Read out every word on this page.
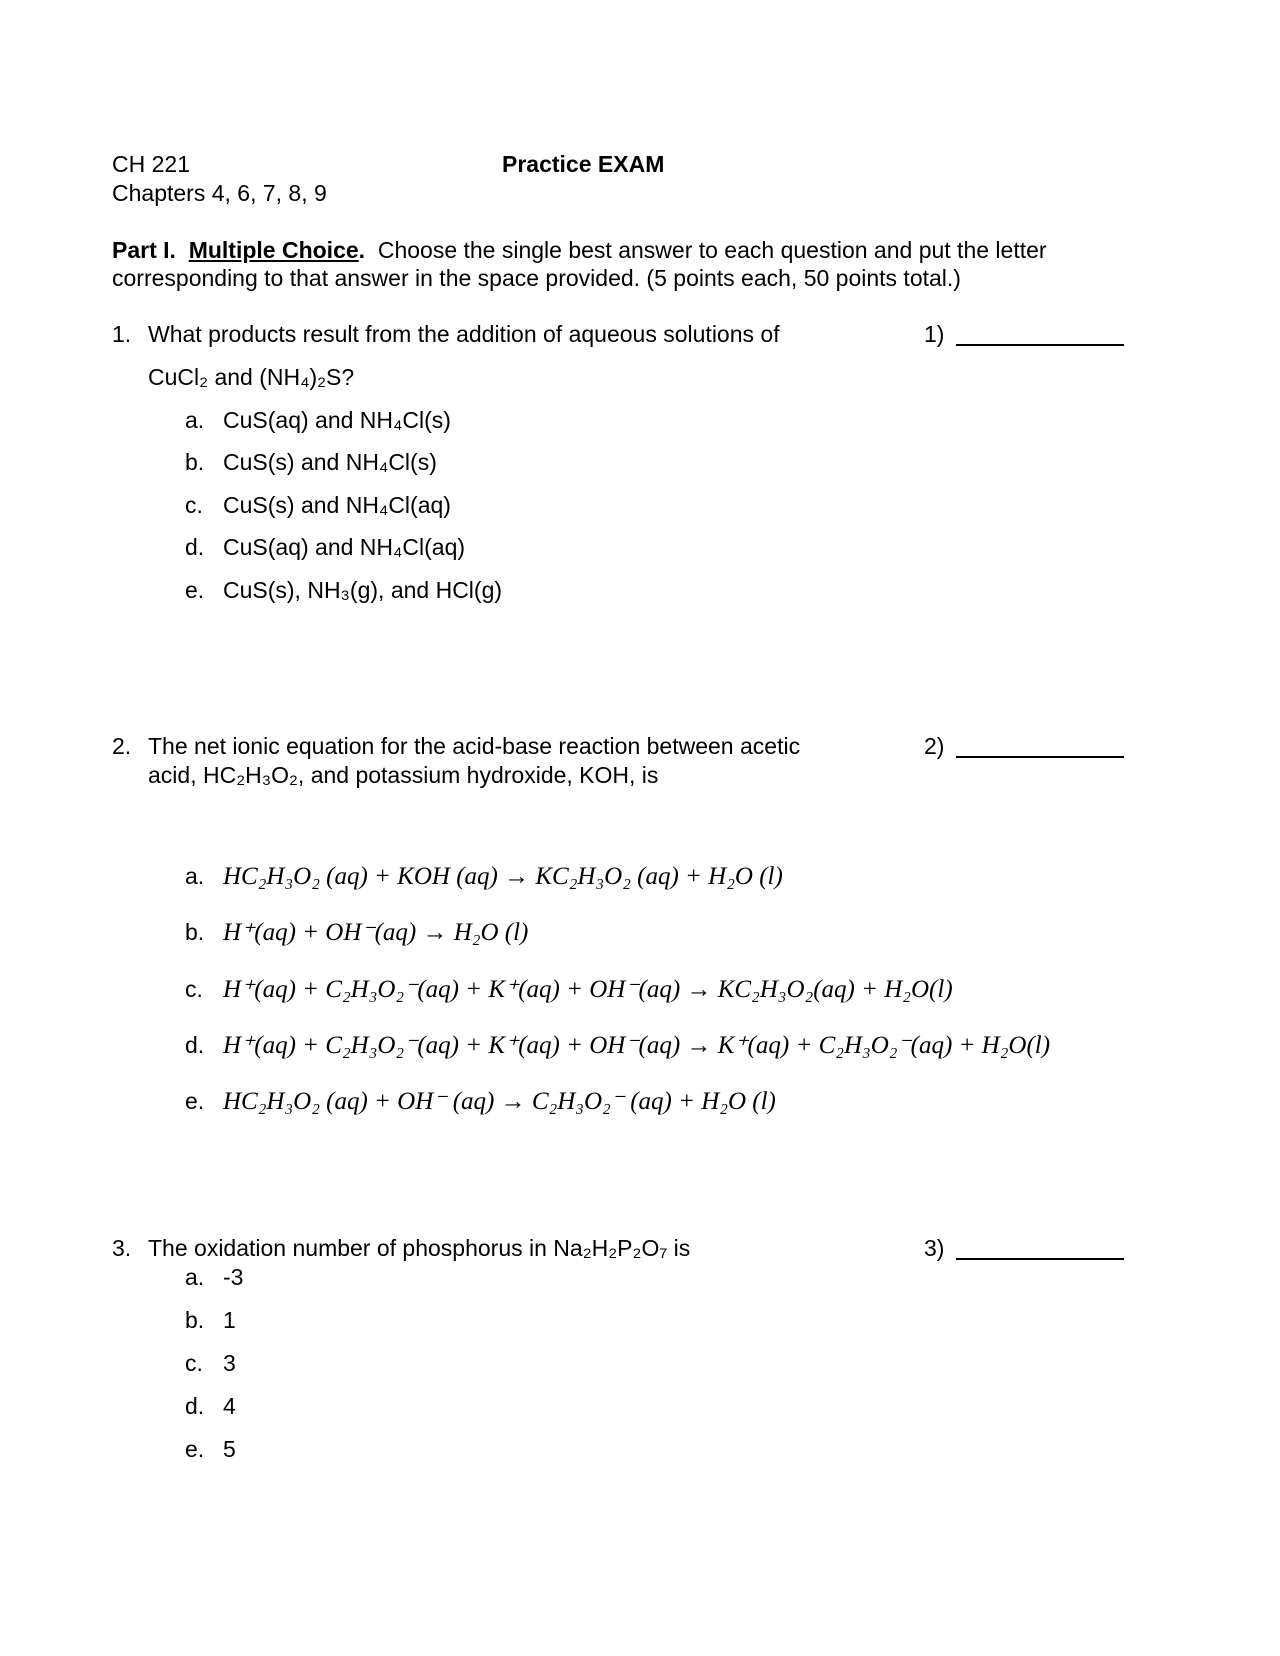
CH 221	Practice EXAM
Chapters 4, 6, 7, 8, 9
Part I. Multiple Choice. Choose the single best answer to each question and put the letter
corresponding to that answer in the space provided. (5 points each, 50 points total.)
1. What products result from the addition of aqueous solutions of	1)
CuCl₂ and (NH₄)₂S?
a. CuS(aq) and NH₄Cl(s)
b. CuS(s) and NH₄Cl(s)
c. CuS(s) and NH₄Cl(aq)
d. CuS(aq) and NH₄Cl(aq)
e. CuS(s), NH₃(g), and HCl(g)
2. The net ionic equation for the acid-base reaction between acetic
acid, HC₂H₃O₂, and potassium hydroxide, KOH, is
2)
a. HC₂H₃O₂ (aq) + KOH (aq) → KC₂H₃O₂ (aq) + H₂O (l)
b. H⁺(aq) + OH⁻(aq) → H₂O (l)
c. H⁺(aq) + C₂H₃O₂⁻(aq) + K⁺(aq) + OH⁻(aq) → KC₂H₃O₂(aq) + H₂O(l)
d. H⁺(aq) + C₂H₃O₂⁻(aq) + K⁺(aq) + OH⁻(aq) → K⁺(aq) + C₂H₃O₂⁻(aq) + H₂O(l)
e. HC₂H₃O₂ (aq) + OH⁻ (aq) → C₂H₃O₂⁻ (aq) + H₂O (l)
3. The oxidation number of phosphorus in Na₂H₂P₂O₇ is	3)
a. -3
b. 1
c. 3
d. 4
e. 5
